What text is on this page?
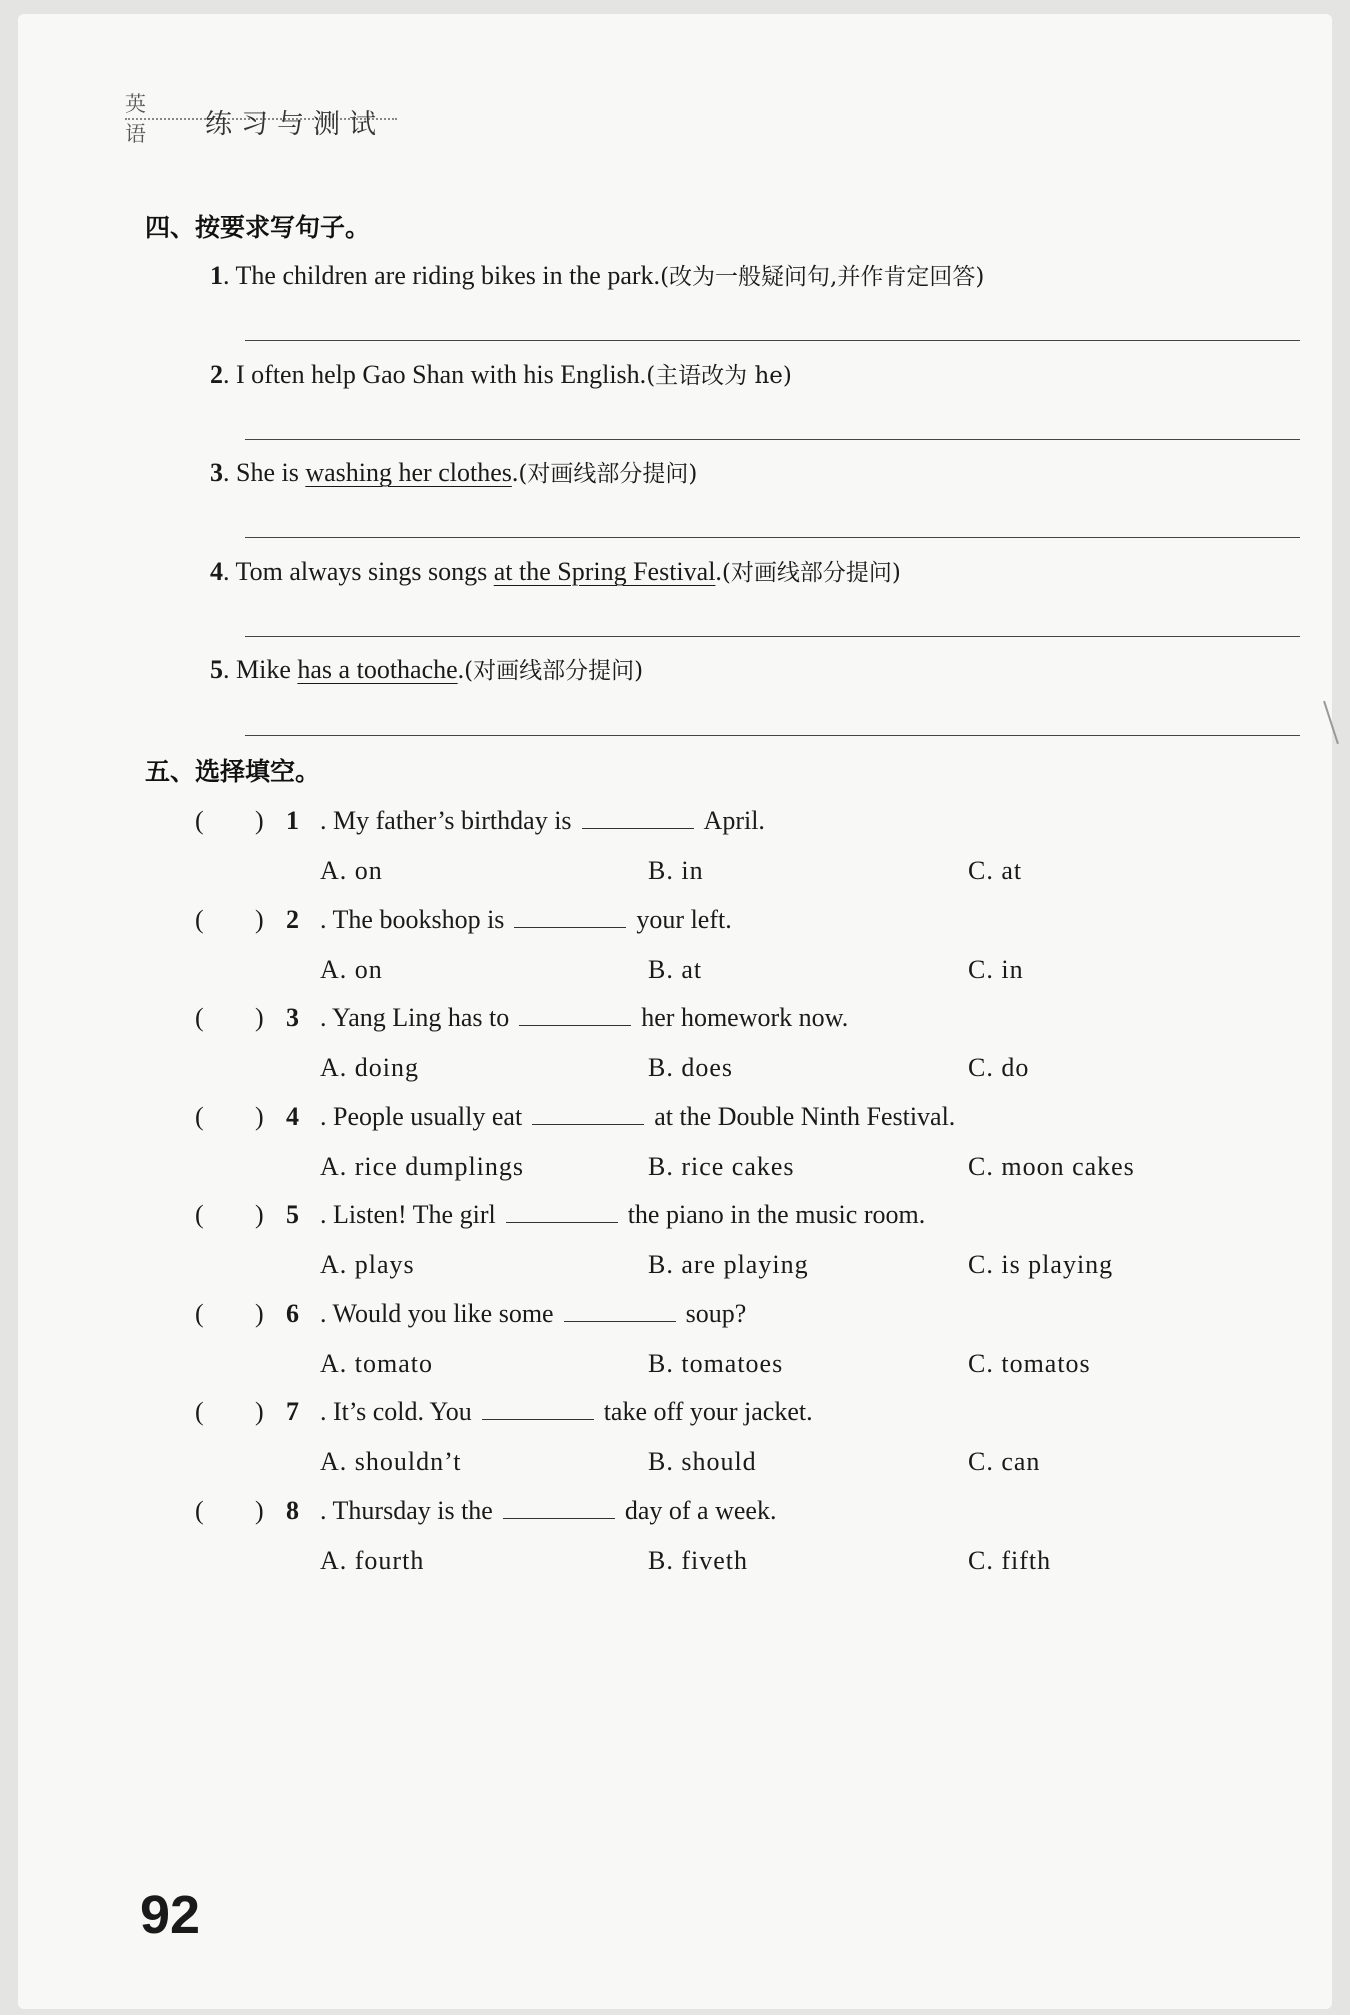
英语 练习与测试
四、按要求写句子。
1. The children are riding bikes in the park.(改为一般疑问句,并作肯定回答)
2. I often help Gao Shan with his English.(主语改为 he)
3. She is washing her clothes.(对画线部分提问)
4. Tom always sings songs at the Spring Festival.(对画线部分提问)
5. Mike has a toothache.(对画线部分提问)
五、选择填空。
( ) 1 . My father’s birthday is	April.
A. on	B. in	C. at
( ) 2 . The bookshop is	your left.
A. on	B. at	C. in
( ) 3 . Yang Ling has to	her homework now.
A. doing	B. does	C. do
( ) 4 . People usually eat	at the Double Ninth Festival.
A. rice dumplings	B. rice cakes	C. moon cakes
( ) 5 . Listen! The girl	the piano in the music room.
A. plays	B. are playing	C. is playing
( ) 6 . Would you like some	soup?
A. tomato	B. tomatoes	C. tomatos
( ) 7 . It’s cold. You	take off your jacket.
A. shouldn’t	B. should	C. can
( ) 8 . Thursday is the	day of a week.
A. fourth	B. fiveth	C. fifth
92
